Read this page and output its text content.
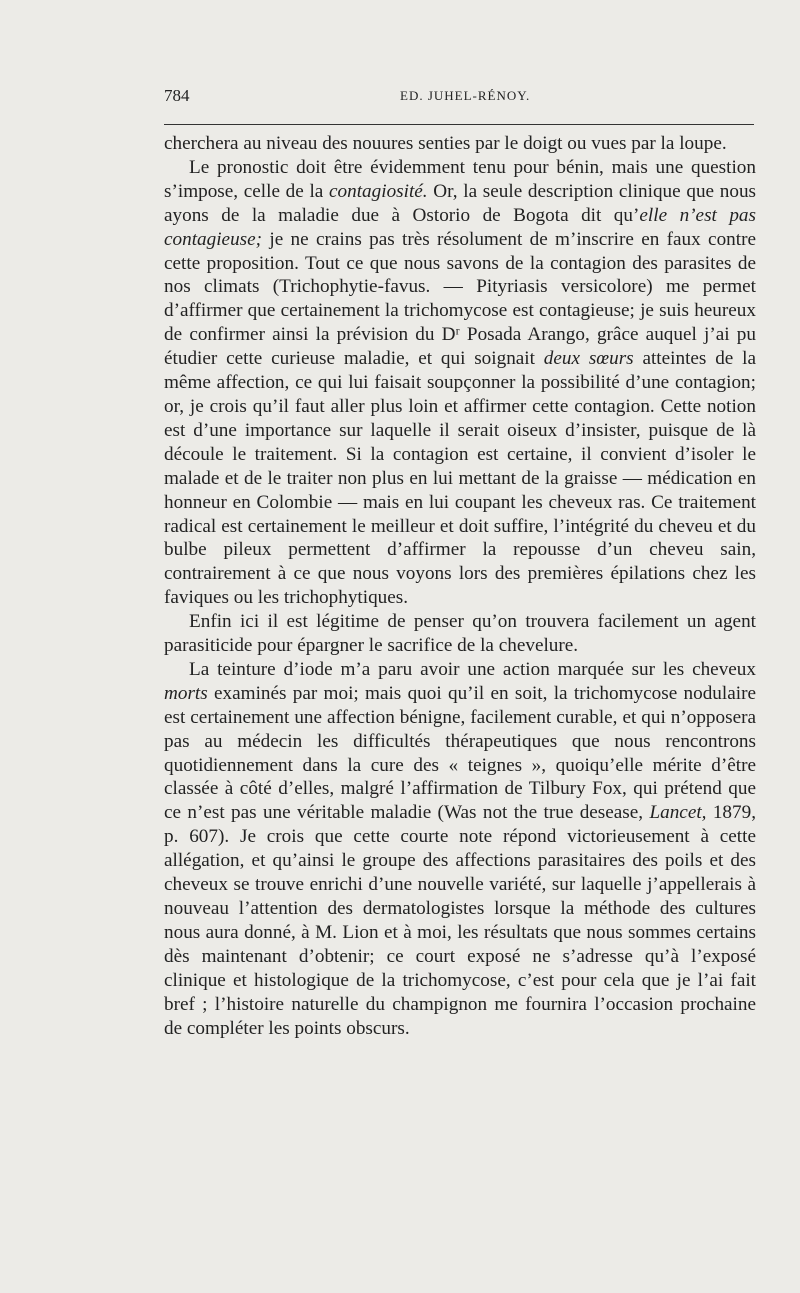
784	ED. JUHEL-RÉNOY.

cherchera au niveau des nouures senties par le doigt ou vues par la loupe.

Le pronostic doit être évidemment tenu pour bénin, mais une question s’impose, celle de la contagiosité. Or, la seule description clinique que nous ayons de la maladie due à Ostorio de Bogota dit qu’elle n’est pas contagieuse; je ne crains pas très résolument de m’inscrire en faux contre cette proposition. Tout ce que nous savons de la contagion des parasites de nos climats (Trichophytie-favus. — Pityriasis versicolore) me permet d’affirmer que certainement la trichomycose est contagieuse; je suis heureux de confirmer ainsi la prévision du Dʳ Posada Arango, grâce auquel j’ai pu étudier cette curieuse maladie, et qui soignait deux sœurs atteintes de la même affection, ce qui lui faisait soupçonner la possibilité d’une contagion; or, je crois qu’il faut aller plus loin et affirmer cette contagion. Cette notion est d’une importance sur laquelle il serait oiseux d’insister, puisque de là découle le traitement. Si la contagion est certaine, il convient d’isoler le malade et de le traiter non plus en lui mettant de la graisse — médication en honneur en Colombie — mais en lui coupant les cheveux ras. Ce traitement radical est certainement le meilleur et doit suffire, l’intégrité du cheveu et du bulbe pileux permettent d’affirmer la repousse d’un cheveu sain, contrairement à ce que nous voyons lors des premières épilations chez les faviques ou les trichophytiques.

Enfin ici il est légitime de penser qu’on trouvera facilement un agent parasiticide pour épargner le sacrifice de la chevelure.

La teinture d’iode m’a paru avoir une action marquée sur les cheveux morts examinés par moi; mais quoi qu’il en soit, la trichomycose nodulaire est certainement une affection bénigne, facilement curable, et qui n’opposera pas au médecin les difficultés thérapeutiques que nous rencontrons quotidiennement dans la cure des « teignes », quoiqu’elle mérite d’être classée à côté d’elles, malgré l’affirmation de Tilbury Fox, qui prétend que ce n’est pas une véritable maladie (Was not the true desease, Lancet, 1879, p. 607). Je crois que cette courte note répond victorieusement à cette allégation, et qu’ainsi le groupe des affections parasitaires des poils et des cheveux se trouve enrichi d’une nouvelle variété, sur laquelle j’appellerais à nouveau l’attention des dermatologistes lorsque la méthode des cultures nous aura donné, à M. Lion et à moi, les résultats que nous sommes certains dès maintenant d’obtenir; ce court exposé ne s’adresse qu’à l’exposé clinique et histologique de la trichomycose, c’est pour cela que je l’ai fait bref ; l’histoire naturelle du champignon me fournira l’occasion prochaine de compléter les points obscurs.
